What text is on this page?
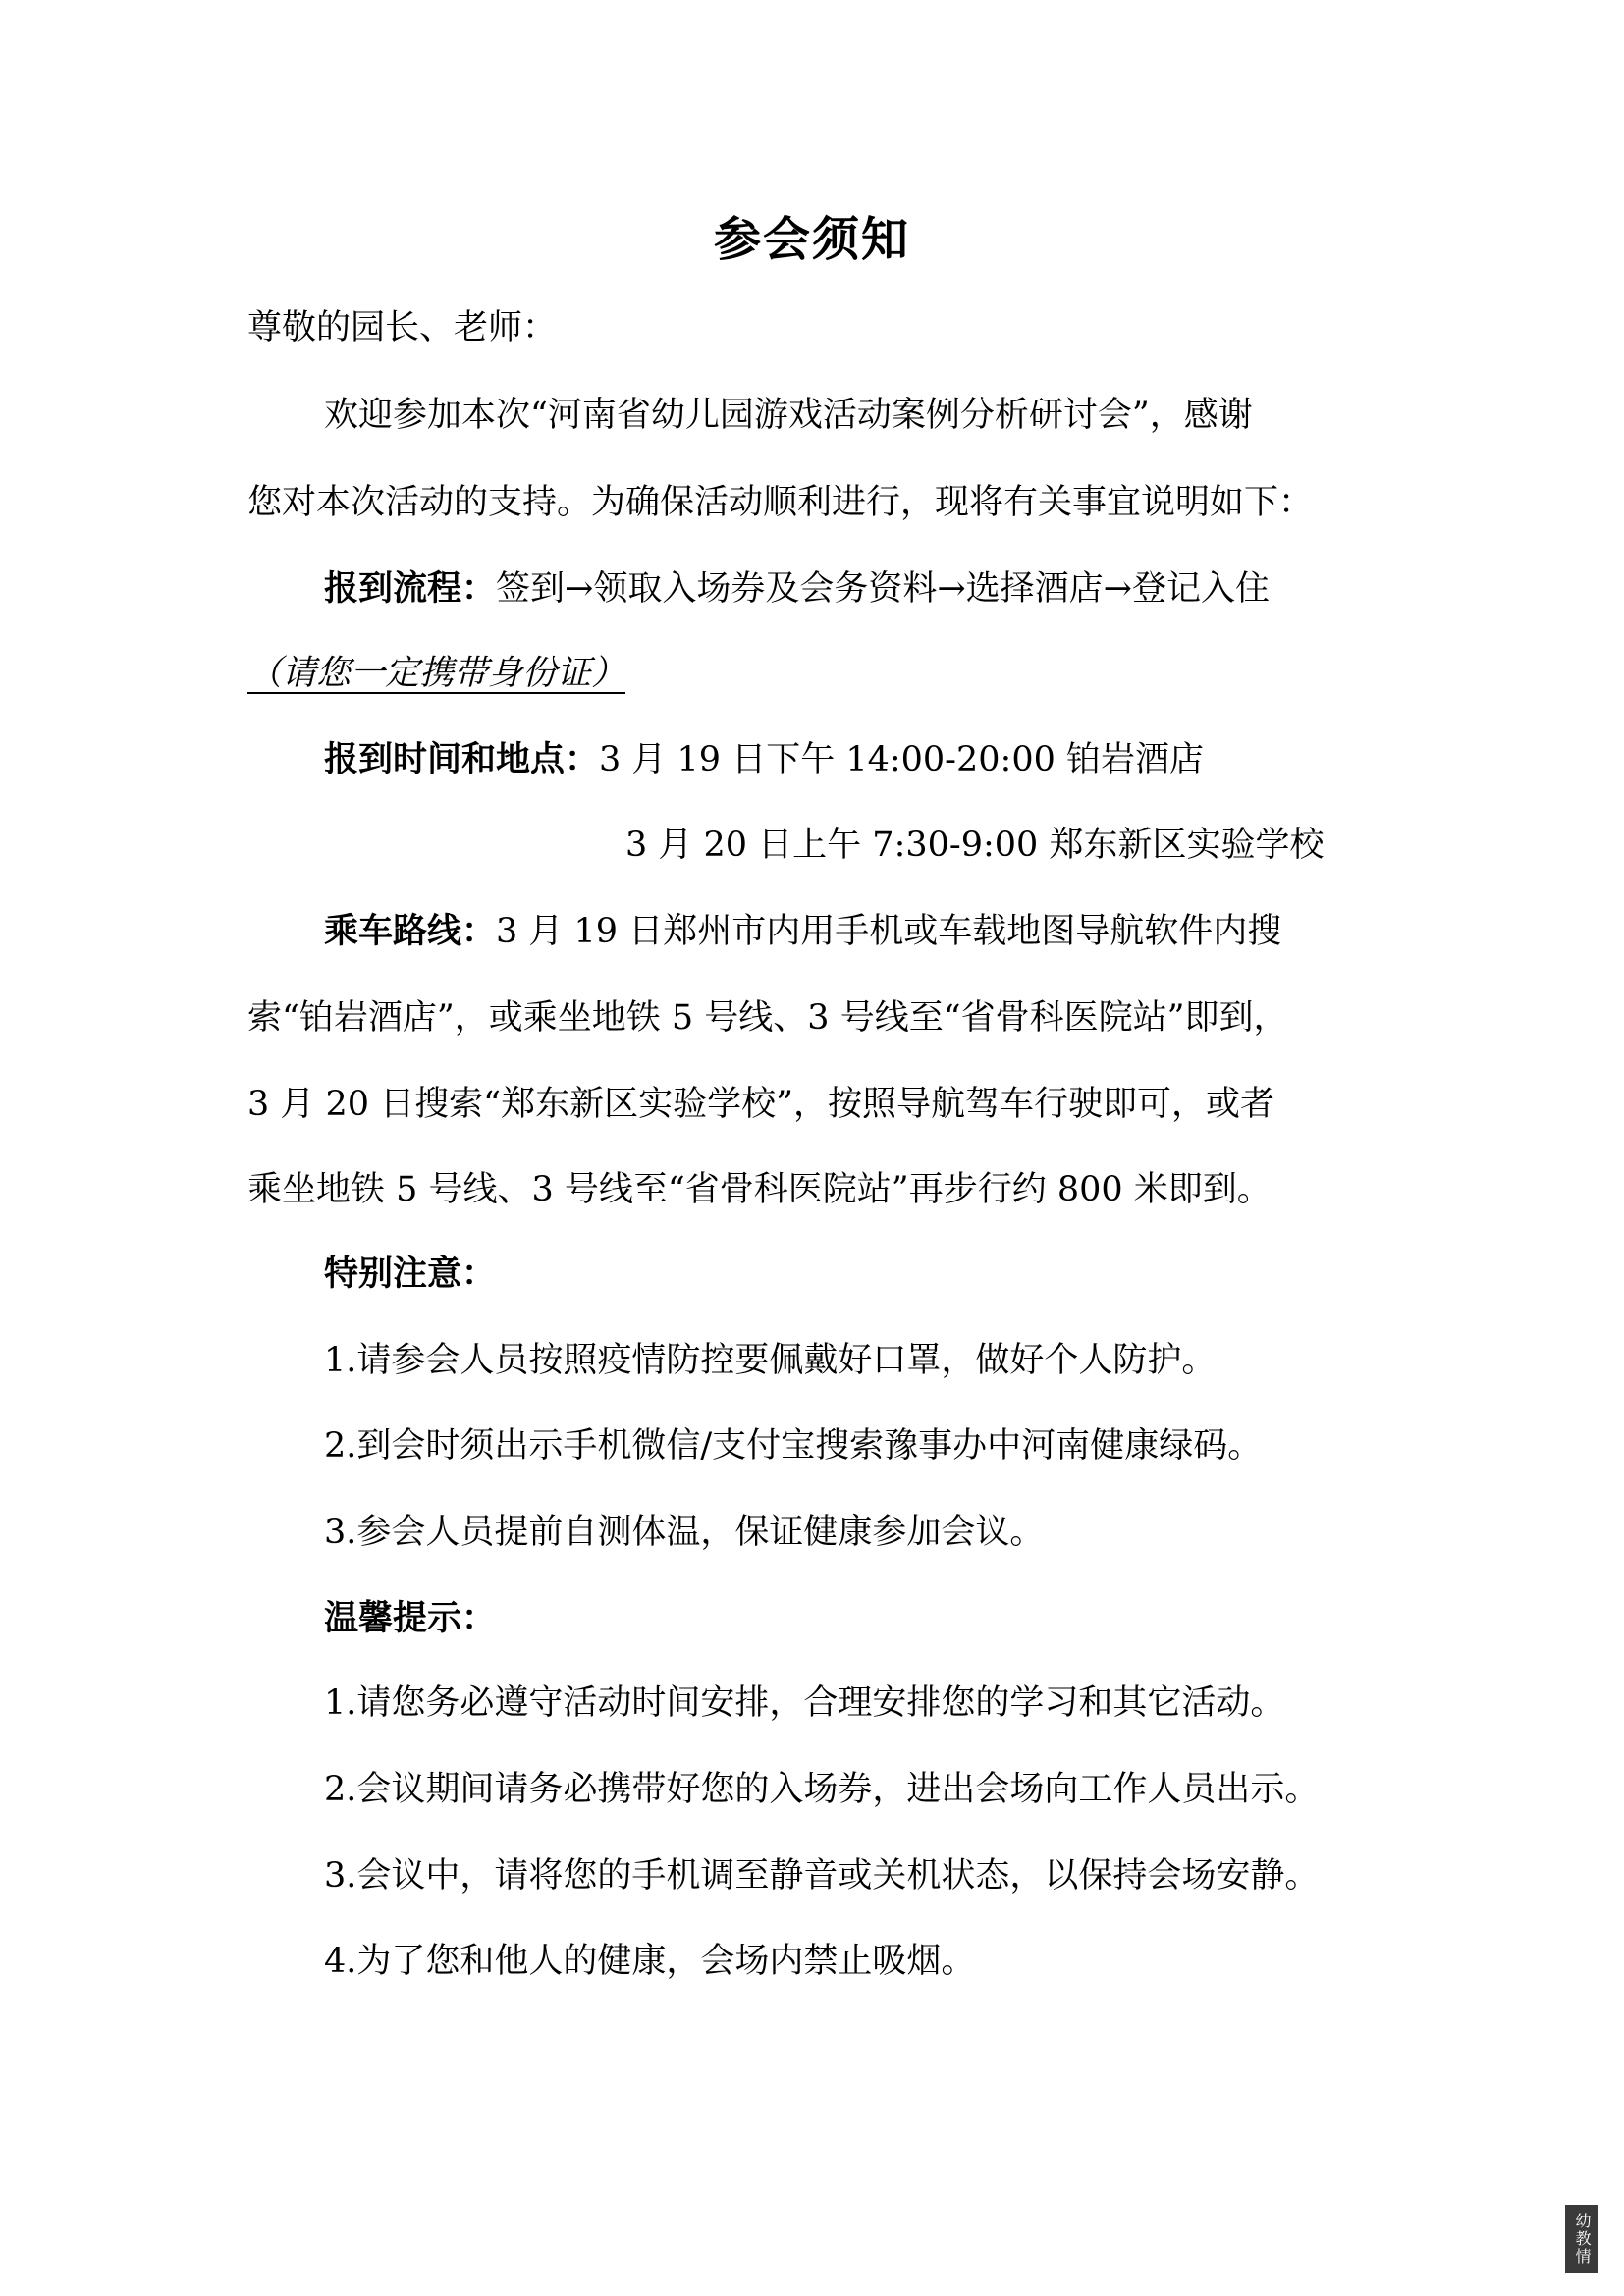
参会须知
尊敬的园长、老师：
欢迎参加本次“河南省幼儿园游戏活动案例分析研讨会”，感谢
您对本次活动的支持。为确保活动顺利进行，现将有关事宜说明如下：
报到流程：签到→领取入场券及会务资料→选择酒店→登记入住
（请您一定携带身份证）
报到时间和地点：3 月 19 日下午 14:00-20:00 铂岩酒店
3 月 20 日上午 7:30-9:00 郑东新区实验学校
乘车路线：3 月 19 日郑州市内用手机或车载地图导航软件内搜
索“铂岩酒店”，或乘坐地铁 5 号线、3 号线至“省骨科医院站”即到，
3 月 20 日搜索“郑东新区实验学校”，按照导航驾车行驶即可，或者
乘坐地铁 5 号线、3 号线至“省骨科医院站”再步行约 800 米即到。
特别注意：
1.请参会人员按照疫情防控要佩戴好口罩，做好个人防护。
2.到会时须出示手机微信/支付宝搜索豫事办中河南健康绿码。
3.参会人员提前自测体温，保证健康参加会议。
温馨提示：
1.请您务必遵守活动时间安排，合理安排您的学习和其它活动。
2.会议期间请务必携带好您的入场券，进出会场向工作人员出示。
3.会议中，请将您的手机调至静音或关机状态，以保持会场安静。
4.为了您和他人的健康，会场内禁止吸烟。
幼教情
